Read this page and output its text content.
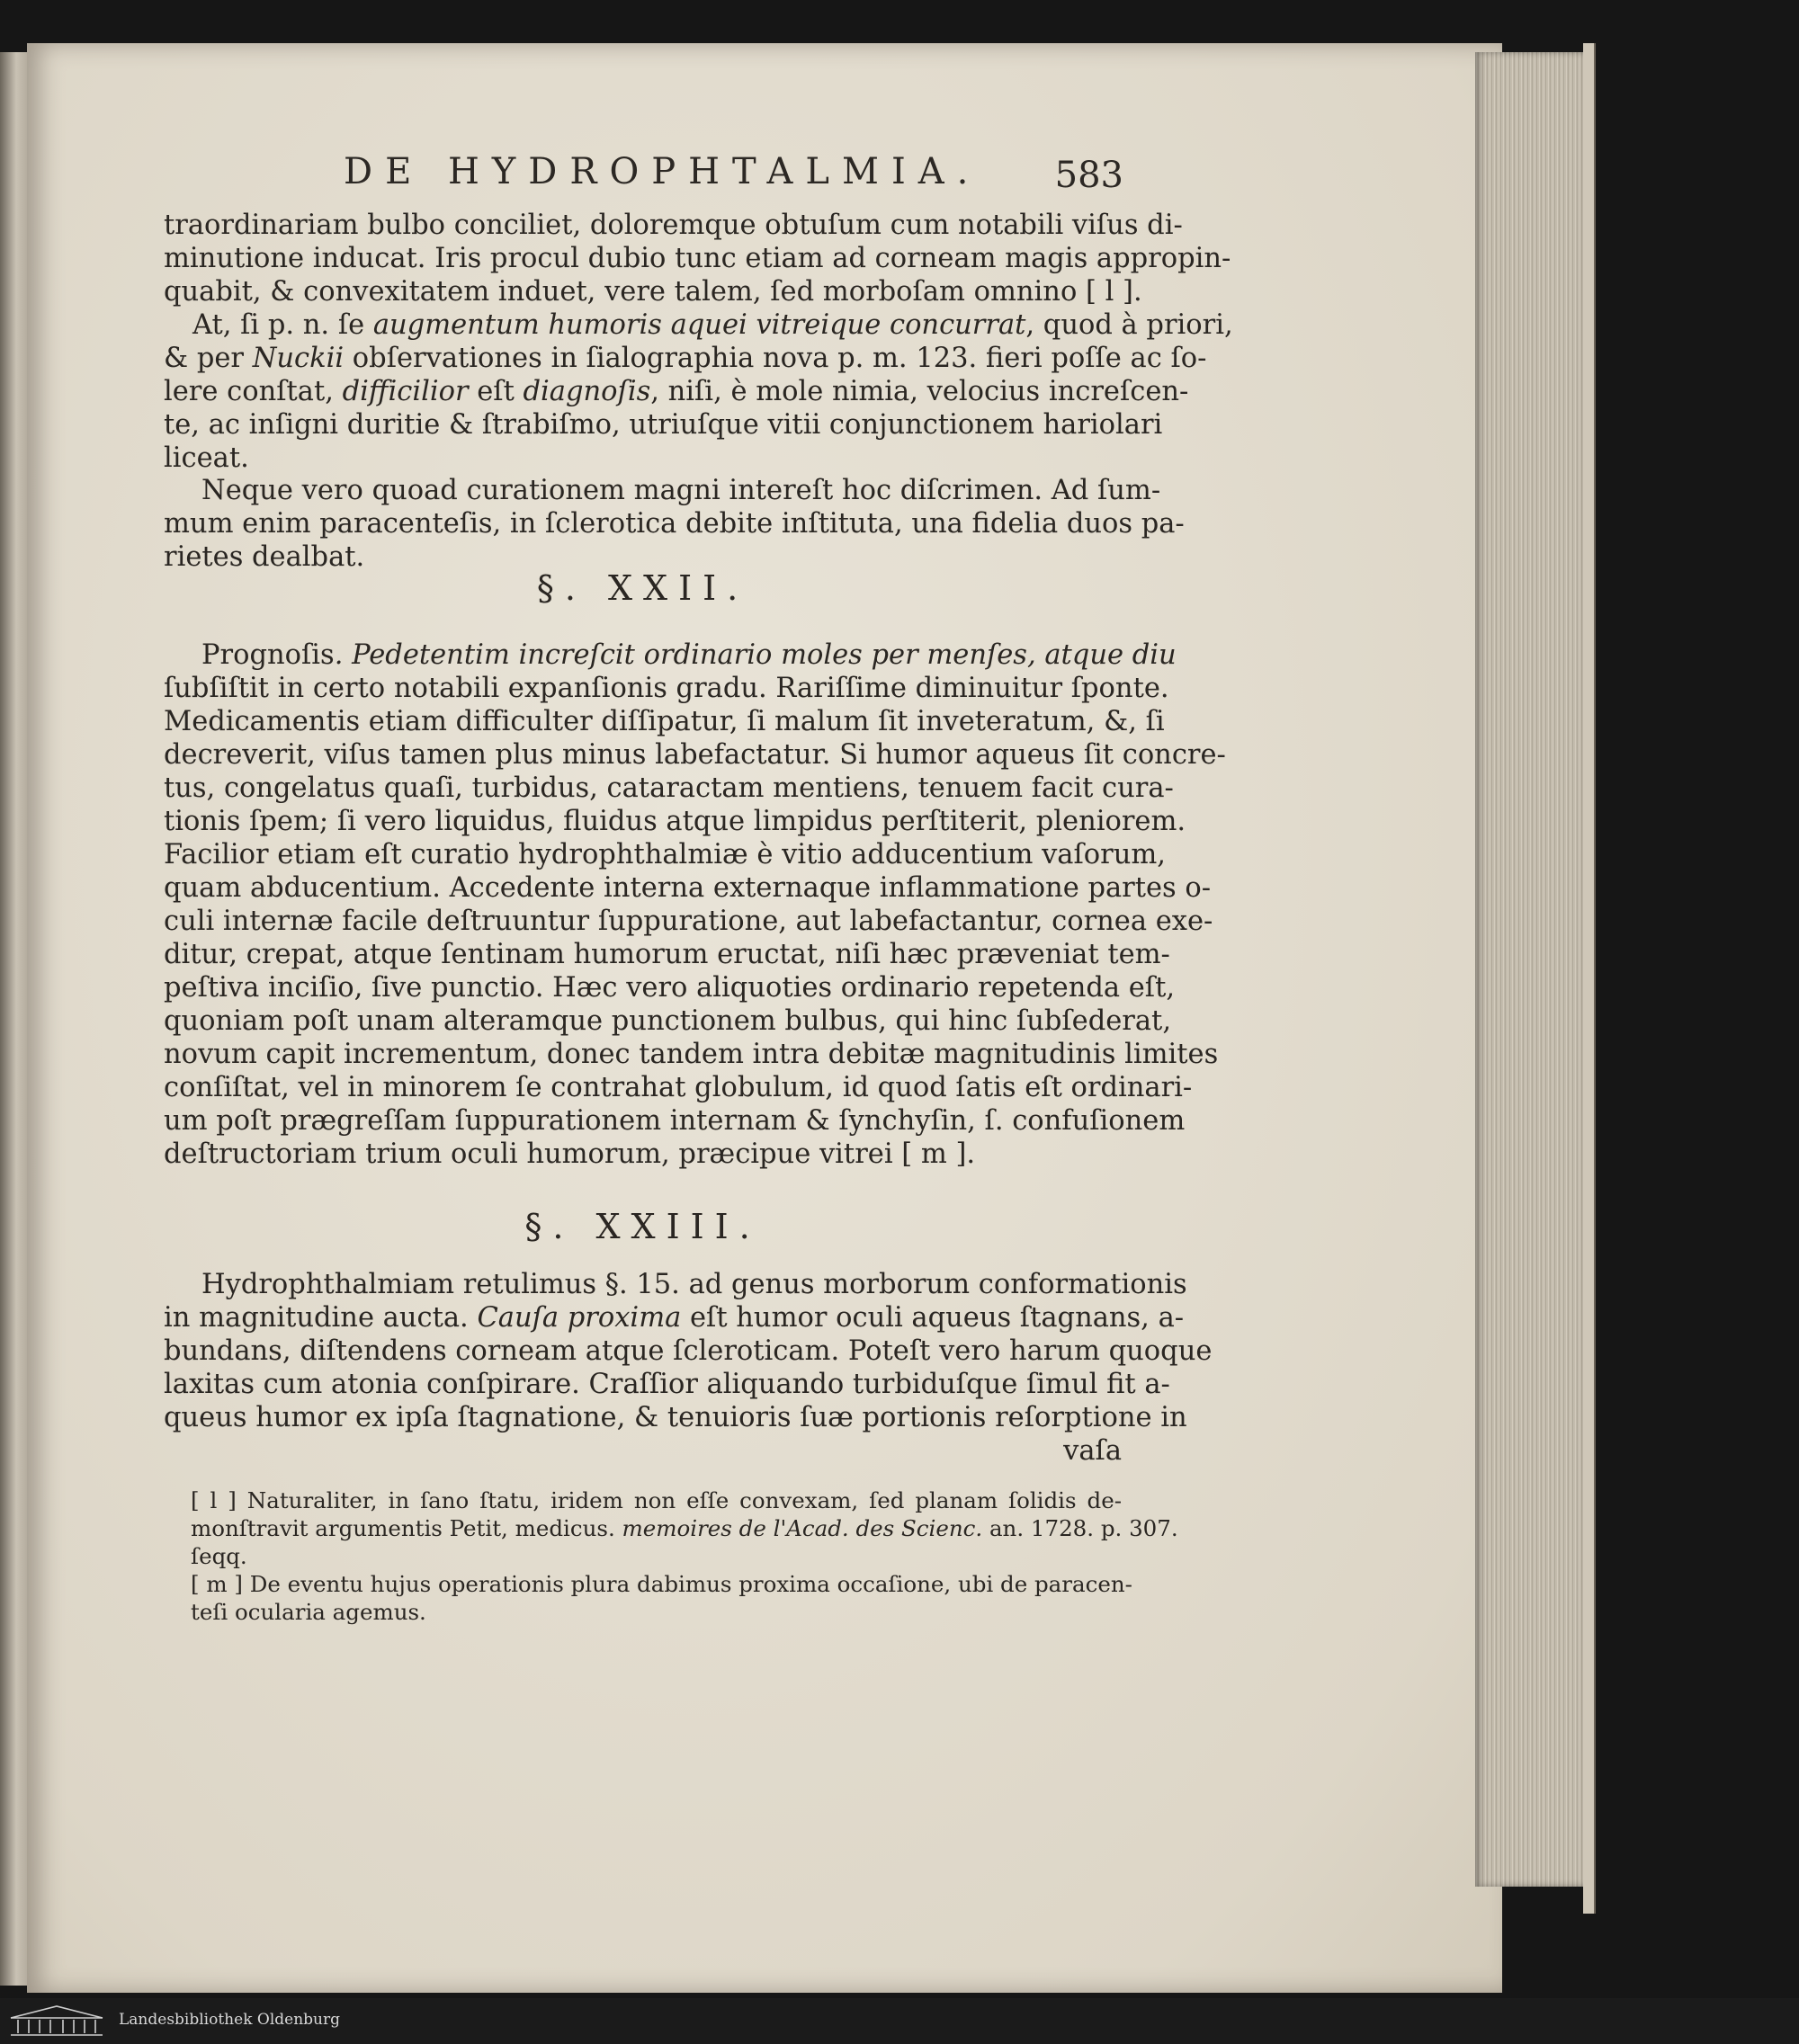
DE HYDROPHTALMIA. 583
traordinariam bulbo conciliet, doloremque obtuſum cum notabili viſus di-
minutione inducat. Iris procul dubio tunc etiam ad corneam magis appropin-
quabit, & convexitatem induet, vere talem, ſed morboſam omnino [ l ].
At, ſi p. n. ſe augmentum humoris aquei vitreique concurrat, quod à priori,
& per Nuckii obſervationes in ſialographia nova p. m. 123. fieri poſſe ac ſo-
lere conſtat, difficilior eſt diagnoſis, niſi, è mole nimia, velocius increſcen-
te, ac inſigni duritie & ſtrabiſmo, utriuſque vitii conjunctionem hariolari
liceat.
Neque vero quoad curationem magni intereſt hoc diſcrimen. Ad ſum-
mum enim paracenteſis, in ſclerotica debite inſtituta, una fidelia duos pa-
rietes dealbat.
§. XXII.
Prognoſis. Pedetentim increſcit ordinario moles per menſes, atque diu
ſubſiſtit in certo notabili expanſionis gradu. Rariſſime diminuitur ſponte.
Medicamentis etiam difficulter diſſipatur, ſi malum ſit inveteratum, &, ſi
decreverit, viſus tamen plus minus labefactatur. Si humor aqueus ſit concre-
tus, congelatus quaſi, turbidus, cataractam mentiens, tenuem facit cura-
tionis ſpem; ſi vero liquidus, fluidus atque limpidus perſtiterit, pleniorem.
Facilior etiam eſt curatio hydrophthalmiæ è vitio adducentium vaſorum,
quam abducentium. Accedente interna externaque inflammatione partes o-
culi internæ facile deſtruuntur ſuppuratione, aut labefactantur, cornea exe-
ditur, crepat, atque ſentinam humorum eructat, niſi hæc præveniat tem-
peſtiva inciſio, ſive punctio. Hæc vero aliquoties ordinario repetenda eſt,
quoniam poſt unam alteramque punctionem bulbus, qui hinc ſubſederat,
novum capit incrementum, donec tandem intra debitæ magnitudinis limites
conſiſtat, vel in minorem ſe contrahat globulum, id quod ſatis eſt ordinari-
um poſt prægreſſam ſuppurationem internam & ſynchyſin, ſ. confuſionem
deſtructoriam trium oculi humorum, præcipue vitrei [ m ].
§. XXIII.
Hydrophthalmiam retulimus §. 15. ad genus morborum conformationis
in magnitudine aucta. Cauſa proxima eſt humor oculi aqueus ſtagnans, a-
bundans, diſtendens corneam atque ſcleroticam. Poteſt vero harum quoque
laxitas cum atonia conſpirare. Craſſior aliquando turbiduſque ſimul fit a-
queus humor ex ipſa ſtagnatione, & tenuioris ſuæ portionis reſorptione in
vaſa
[ l ] Naturaliter, in ſano ſtatu, iridem non eſſe convexam, ſed planam ſolidis de-
monſtravit argumentis Petit, medicus. memoires de l'Acad. des Scienc. an. 1728. p. 307.
ſeqq.
[ m ] De eventu hujus operationis plura dabimus proxima occaſione, ubi de paracen-
teſi ocularia agemus.
Landesbibliothek Oldenburg
